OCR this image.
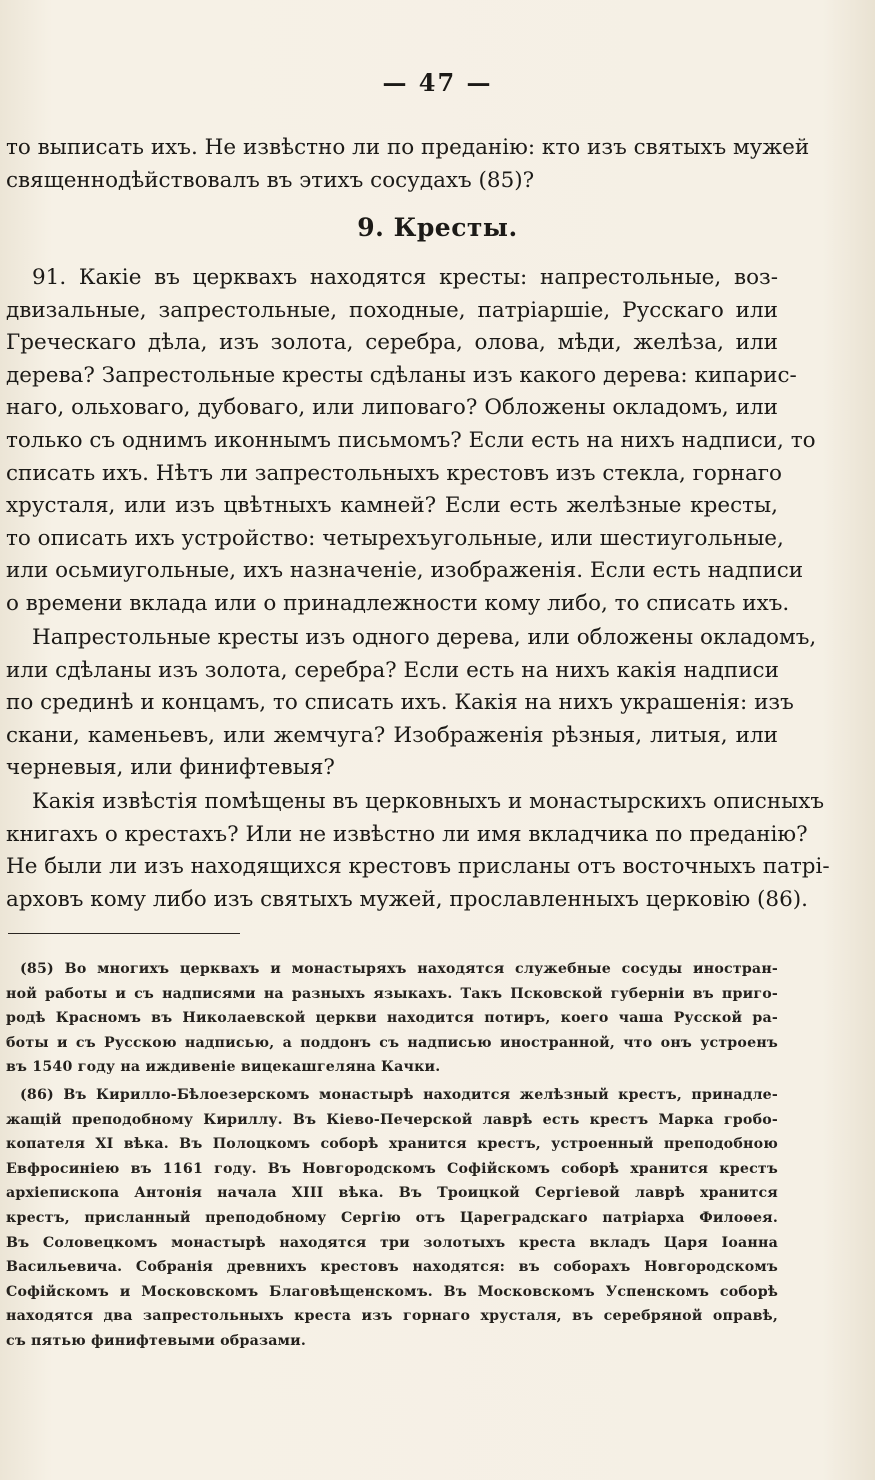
— 47 —
то выписать ихъ. Не извѣстно ли по преданію: кто изъ святыхъ мужей
священнодѣйствовалъ въ этихъ сосудахъ (85)?
9. Кресты.
91. Какіе въ церквахъ находятся кресты: напрестольные, воз-
двизальные, запрестольные, походные, патріаршіе, Русскаго или
Греческаго дѣла, изъ золота, серебра, олова, мѣди, желѣза, или
дерева? Запрестольные кресты сдѣланы изъ какого дерева: кипарис-
наго, ольховаго, дубоваго, или липоваго? Обложены окладомъ, или
только съ однимъ иконнымъ письмомъ? Если есть на нихъ надписи, то
списать ихъ. Нѣтъ ли запрестольныхъ крестовъ изъ стекла, горнаго
хрусталя, или изъ цвѣтныхъ камней? Если есть желѣзные кресты,
то описать ихъ устройство: четырехъугольные, или шестиугольные,
или осьмиугольные, ихъ назначеніе, изображенія. Если есть надписи
о времени вклада или о принадлежности кому либо, то списать ихъ.
Напрестольные кресты изъ одного дерева, или обложены окладомъ,
или сдѣланы изъ золота, серебра? Если есть на нихъ какія надписи
по срединѣ и концамъ, то списать ихъ. Какія на нихъ украшенія: изъ
скани, каменьевъ, или жемчуга? Изображенія рѣзныя, литыя, или
черневыя, или финифтевыя?
Какія извѣстія помѣщены въ церковныхъ и монастырскихъ описныхъ
книгахъ о крестахъ? Или не извѣстно ли имя вкладчика по преданію?
Не были ли изъ находящихся крестовъ присланы отъ восточныхъ патрі-
арховъ кому либо изъ святыхъ мужей, прославленныхъ церковію (86).
(85) Во многихъ церквахъ и монастыряхъ находятся служебные сосуды иностран-
ной работы и съ надписями на разныхъ языкахъ. Такъ Псковской губерніи въ приго-
родѣ Красномъ въ Николаевской церкви находится потиръ, коего чаша Русской ра-
боты и съ Русскою надписью, а поддонъ съ надписью иностранной, что онъ устроенъ
въ 1540 году на иждивеніе вицекашгеляна Качки.
(86) Въ Кирилло-Бѣлоезерскомъ монастырѣ находится желѣзный крестъ, принадле-
жащій преподобному Кириллу. Въ Кіево-Печерской лаврѣ есть крестъ Марка гробо-
копателя XI вѣка. Въ Полоцкомъ соборѣ хранится крестъ, устроенный преподобною
Евфросиніею въ 1161 году. Въ Новгородскомъ Софійскомъ соборѣ хранится крестъ
архіепископа Антонія начала XIII вѣка. Въ Троицкой Сергіевой лаврѣ хранится
крестъ, присланный преподобному Сергію отъ Цареградскаго патріарха Филоѳея.
Въ Соловецкомъ монастырѣ находятся три золотыхъ креста вкладъ Царя Іоанна
Васильевича. Собранія древнихъ крестовъ находятся: въ соборахъ Новгородскомъ
Софійскомъ и Московскомъ Благовѣщенскомъ. Въ Московскомъ Успенскомъ соборѣ
находятся два запрестольныхъ креста изъ горнаго хрусталя, въ серебряной оправѣ,
съ пятью финифтевыми образами.
